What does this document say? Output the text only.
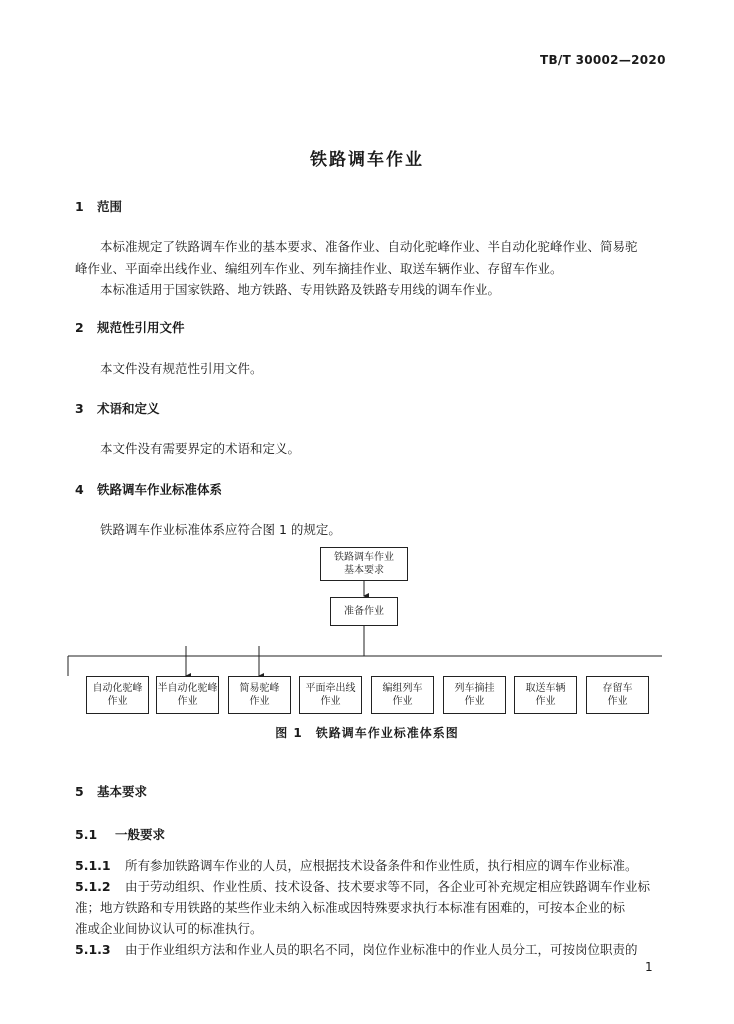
TB/T 30002—2020
铁路调车作业
1 范围
本标准规定了铁路调车作业的基本要求、准备作业、自动化驼峰作业、半自动化驼峰作业、简易驼
峰作业、平面牵出线作业、编组列车作业、列车摘挂作业、取送车辆作业、存留车作业。
本标准适用于国家铁路、地方铁路、专用铁路及铁路专用线的调车作业。
2 规范性引用文件
本文件没有规范性引用文件。
3 术语和定义
本文件没有需要界定的术语和定义。
4 铁路调车作业标准体系
铁路调车作业标准体系应符合图 1 的规定。
铁路调车作业
基本要求
准备作业
自动化驼峰
作业
半自动化驼峰
作业
简易驼峰
作业
平面牵出线
作业
编组列车
作业
列车摘挂
作业
取送车辆
作业
存留车
作业
图 1　铁路调车作业标准体系图
5 基本要求
5.1 一般要求
5.1.1 所有参加铁路调车作业的人员，应根据技术设备条件和作业性质，执行相应的调车作业标准。
5.1.2 由于劳动组织、作业性质、技术设备、技术要求等不同，各企业可补充规定相应铁路调车作业标
准；地方铁路和专用铁路的某些作业未纳入标准或因特殊要求执行本标准有困难的，可按本企业的标
准或企业间协议认可的标准执行。
5.1.3 由于作业组织方法和作业人员的职名不同，岗位作业标准中的作业人员分工，可按岗位职责的
1
